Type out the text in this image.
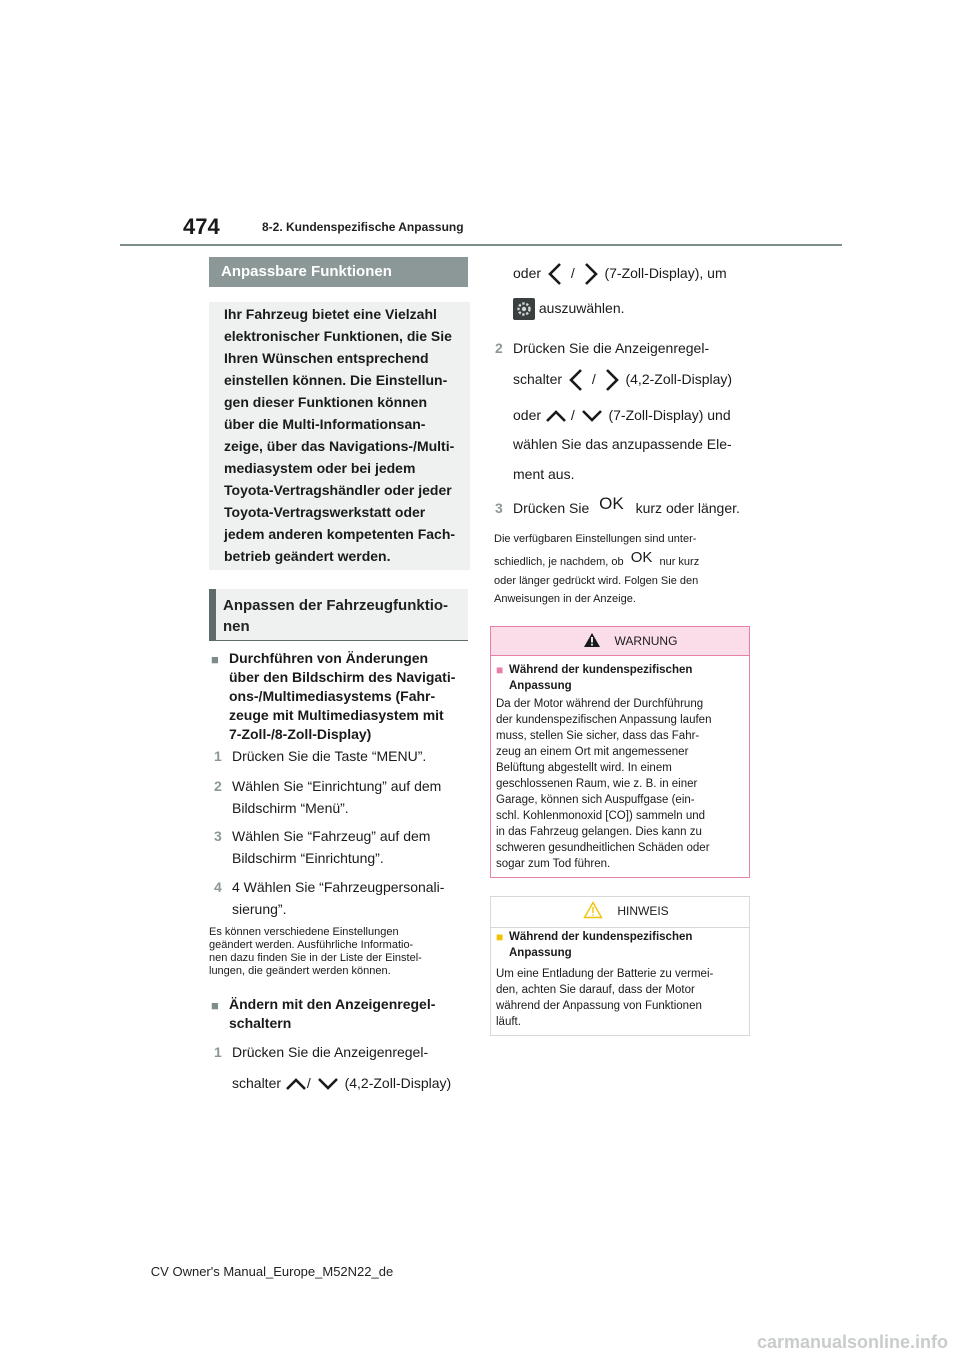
474	8-2. Kundenspezifische Anpassung
Anpassbare Funktionen
Ihr Fahrzeug bietet eine Vielzahl
elektronischer Funktionen, die Sie
Ihren Wünschen entsprechend
einstellen können. Die Einstellun-
gen dieser Funktionen können
über die Multi-Informationsan-
zeige, über das Navigations-/Multi-
mediasystem oder bei jedem
Toyota-Vertragshändler oder jeder
Toyota-Vertragswerkstatt oder
jedem anderen kompetenten Fach-
betrieb geändert werden.
Anpassen der Fahrzeugfunktio-
nen
■ Durchführen von Änderungen
über den Bildschirm des Navigati-
ons-/Multimediasystems (Fahr-
zeuge mit Multimediasystem mit
7-Zoll-/8-Zoll-Display)
1 Drücken Sie die Taste “MENU”.
2 Wählen Sie “Einrichtung” auf dem
Bildschirm “Menü”.
3 Wählen Sie “Fahrzeug” auf dem
Bildschirm “Einrichtung”.
4 4 Wählen Sie “Fahrzeugpersonali-
sierung”.
Es können verschiedene Einstellungen
geändert werden. Ausführliche Informatio-
nen dazu finden Sie in der Liste der Einstel-
lungen, die geändert werden können.
■ Ändern mit den Anzeigenregel-
schaltern
1 Drücken Sie die Anzeigenregel-
schalter / (4,2-Zoll-Display)
oder / (7-Zoll-Display), um
auszuwählen.
2 Drücken Sie die Anzeigenregel-
schalter / (4,2-Zoll-Display)
oder / (7-Zoll-Display) und
wählen Sie das anzupassende Ele-
ment aus.
3 Drücken Sie OK kurz oder länger.
Die verfügbaren Einstellungen sind unter-
schiedlich, je nachdem, ob OK nur kurz
oder länger gedrückt wird. Folgen Sie den
Anweisungen in der Anzeige.
WARNUNG
■ Während der kundenspezifischen
Anpassung
Da der Motor während der Durchführung
der kundenspezifischen Anpassung laufen
muss, stellen Sie sicher, dass das Fahr-
zeug an einem Ort mit angemessener
Belüftung abgestellt wird. In einem
geschlossenen Raum, wie z. B. in einer
Garage, können sich Auspuffgase (ein-
schl. Kohlenmonoxid [CO]) sammeln und
in das Fahrzeug gelangen. Dies kann zu
schweren gesundheitlichen Schäden oder
sogar zum Tod führen.
HINWEIS
■ Während der kundenspezifischen
Anpassung
Um eine Entladung der Batterie zu vermei-
den, achten Sie darauf, dass der Motor
während der Anpassung von Funktionen
läuft.
CV Owner's Manual_Europe_M52N22_de
carmanualsonline.info
